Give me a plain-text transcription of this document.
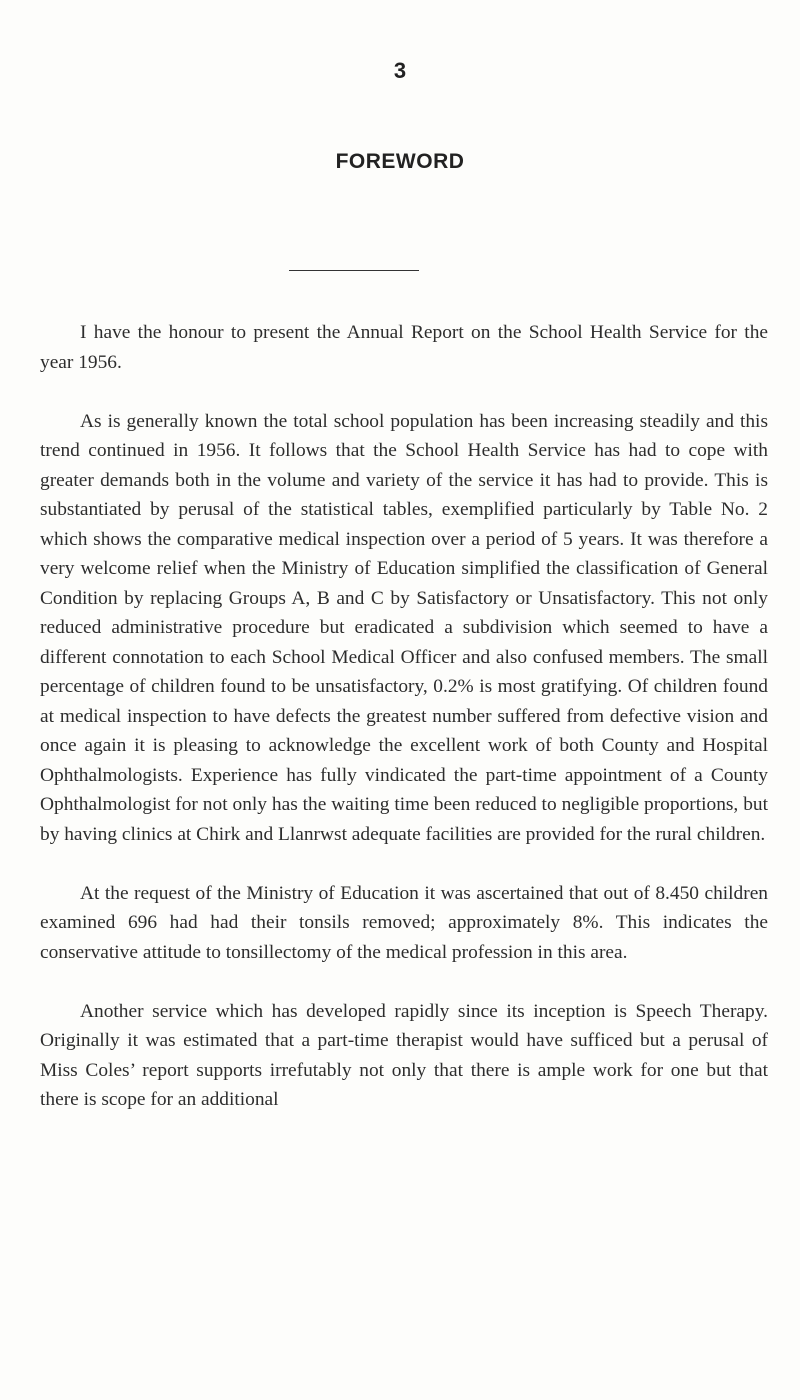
3
FOREWORD

I have the honour to present the Annual Report on the School Health Service for the year 1956.

As is generally known the total school population has been increasing steadily and this trend continued in 1956. It follows that the School Health Service has had to cope with greater demands both in the volume and variety of the service it has had to provide. This is substantiated by perusal of the statistical tables, exemplified particularly by Table No. 2 which shows the comparative medical inspection over a period of 5 years. It was therefore a very welcome relief when the Ministry of Education simplified the classification of General Condition by replacing Groups A, B and C by Satisfactory or Unsatisfactory. This not only reduced administrative procedure but eradicated a subdivision which seemed to have a different connotation to each School Medical Officer and also confused members. The small percentage of children found to be unsatisfactory, 0.2% is most gratifying. Of children found at medical inspection to have defects the greatest number suffered from defective vision and once again it is pleasing to acknowledge the excellent work of both County and Hospital Ophthalmologists. Experience has fully vindicated the part-time appointment of a County Ophthalmologist for not only has the waiting time been reduced to negligible proportions, but by having clinics at Chirk and Llanrwst adequate facilities are provided for the rural children.

At the request of the Ministry of Education it was ascertained that out of 8.450 children examined 696 had had their tonsils removed; approximately 8%. This indicates the conservative attitude to tonsillectomy of the medical profession in this area.

Another service which has developed rapidly since its inception is Speech Therapy. Originally it was estimated that a part-time therapist would have sufficed but a perusal of Miss Coles’ report supports irrefutably not only that there is ample work for one but that there is scope for an additional
